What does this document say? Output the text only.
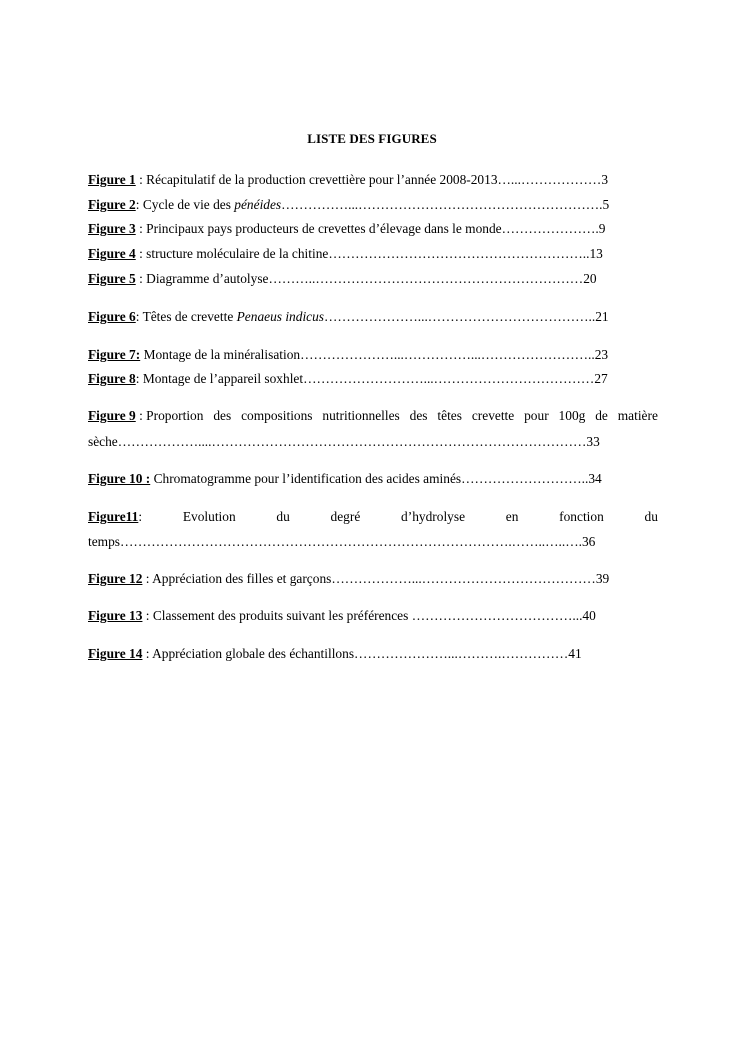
LISTE DES FIGURES
Figure 1 : Récapitulatif de la production crevettière pour l’année 2008-2013…...………………3
Figure 2: Cycle de vie des pénéides……………...……………………………………………….5
Figure 3 : Principaux pays producteurs de crevettes d’élevage dans le monde………………….9
Figure 4 : structure moléculaire de la chitine…………………………………………………..13
Figure 5 : Diagramme d’autolyse………..……………………………………………………20
Figure 6: Têtes de crevette Penaeus indicus…………………...………………………………..21
Figure 7: Montage de la minéralisation…………………...……………...……………………..23
Figure 8: Montage de l’appareil soxhlet………………………...………………………………27
Figure 9 : Proportion des compositions nutritionnelles des têtes crevette pour 100g de matière
sèche………………....…………………………………………………………………………33
Figure 10 : Chromatogramme pour l’identification des acides aminés………………………..34
Figure11:	Evolution	du	degré	d’hydrolyse	en	fonction	du
temps…………………………………………………………………………….……..…..….36
Figure 12 : Appréciation des filles et garçons………………...…………………………………39
Figure 13 : Classement des produits suivant les préférences ………………………………...40
Figure 14 : Appréciation globale des échantillons…………………...……….……………41
